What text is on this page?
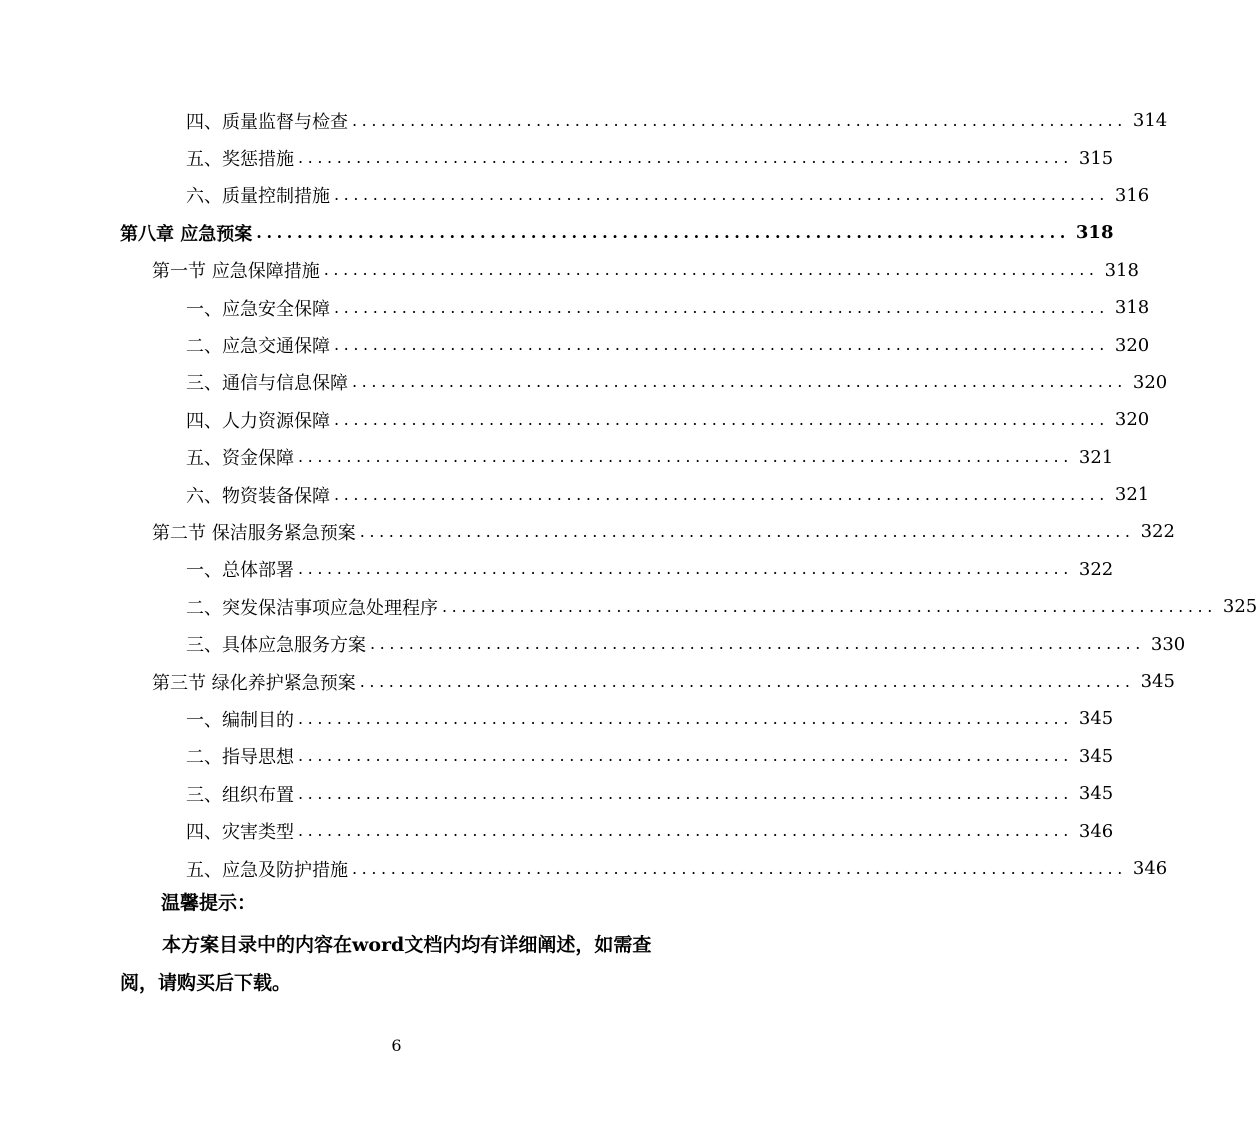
四、质量监督与检查 ................................................................................ 314
五、奖惩措施 ................................................................................ 315
六、质量控制措施 ................................................................................ 316
第八章 应急预案 ................................................................................ 318
第一节 应急保障措施 ................................................................................ 318
一、应急安全保障 ................................................................................ 318
二、应急交通保障 ................................................................................ 320
三、通信与信息保障 ................................................................................ 320
四、人力资源保障 ................................................................................ 320
五、资金保障 ................................................................................ 321
六、物资装备保障 ................................................................................ 321
第二节 保洁服务紧急预案 ................................................................................ 322
一、总体部署 ................................................................................ 322
二、突发保洁事项应急处理程序 ................................................................................ 325
三、具体应急服务方案 ................................................................................ 330
第三节 绿化养护紧急预案 ................................................................................ 345
一、编制目的 ................................................................................ 345
二、指导思想 ................................................................................ 345
三、组织布置 ................................................................................ 345
四、灾害类型 ................................................................................ 346
五、应急及防护措施 ................................................................................ 346
温馨提示：
本方案目录中的内容在word文档内均有详细阐述，如需查阅，请购买后下载。
6
